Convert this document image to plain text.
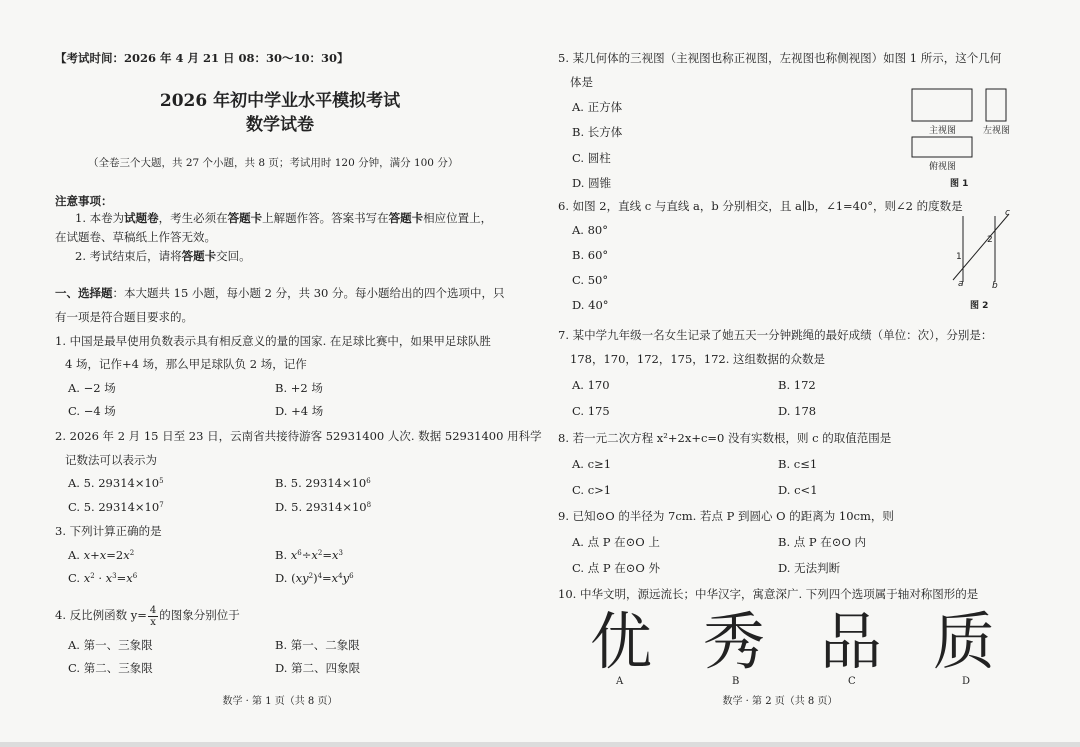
【考试时间：2026 年 4 月 21 日 08：30～10：30】
2026 年初中学业水平模拟考试
数学试卷
（全卷三个大题，共 27 个小题，共 8 页；考试用时 120 分钟，满分 100 分）
注意事项：
1. 本卷为试题卷，考生必须在答题卡上解题作答。答案书写在答题卡相应位置上，
在试题卷、草稿纸上作答无效。
2. 考试结束后，请将答题卡交回。
一、选择题：本大题共 15 小题，每小题 2 分，共 30 分。每小题给出的四个选项中，只
有一项是符合题目要求的。
1. 中国是最早使用负数表示具有相反意义的量的国家. 在足球比赛中，如果甲足球队胜
4 场，记作+4 场，那么甲足球队负 2 场，记作
A. −2 场	B. +2 场
C. −4 场	D. +4 场
2. 2026 年 2 月 15 日至 23 日，云南省共接待游客 52931400 人次. 数据 52931400 用科学
记数法可以表示为
A. 5. $29314\times 10^5$	B. 5. $29314\times 10^6$
C. 5. $29314\times 10^7$	D. 5. $29314\times 10^8$
3. 下列计算正确的是
A. $x+x=2x^2$	B. $x^6\div x^2=x^3$
C. $x^2 \cdot x^3=x^6$	D. $(xy^2)^4=x^4y^6$
4. 反比例函数 $y= \frac{4}{x}$ 的图象分别位于
A. 第一、三象限	B. 第一、二象限
C. 第二、三象限	D. 第二、四象限
数学 · 第 1 页（共 8 页）
5. 某几何体的三视图（主视图也称正视图，左视图也称侧视图）如图 1 所示，这个几何
体是
A. 正方体
B. 长方体
C. 圆柱
D. 圆锥
主视图	左视图
俯视图
图 1
6. 如图 2，直线 c 与直线 a，b 分别相交，且 a∥b，∠1=40°，则∠2 的度数是
A. 80°
B. 60°
C. 50°
D. 40°
1
2
a	b
c
图 2
7. 某中学九年级一名女生记录了她五天一分钟跳绳的最好成绩（单位：次），分别是：
178，170，172，175，172. 这组数据的众数是
A. 170	B. 172
C. 175	D. 178
8. 若一元二次方程 x²+2x+c=0 没有实数根，则 c 的取值范围是
A. c≥1	B. c≤1
C. c>1	D. c<1
9. 已知⊙O 的半径为 7cm. 若点 P 到圆心 O 的距离为 10cm，则
A. 点 P 在⊙O 上	B. 点 P 在⊙O 内
C. 点 P 在⊙O 外	D. 无法判断
10. 中华文明，源远流长；中华汉字，寓意深广. 下列四个选项属于轴对称图形的是
优 秀 品 质
A	B	C	D
数学 · 第 2 页（共 8 页）
